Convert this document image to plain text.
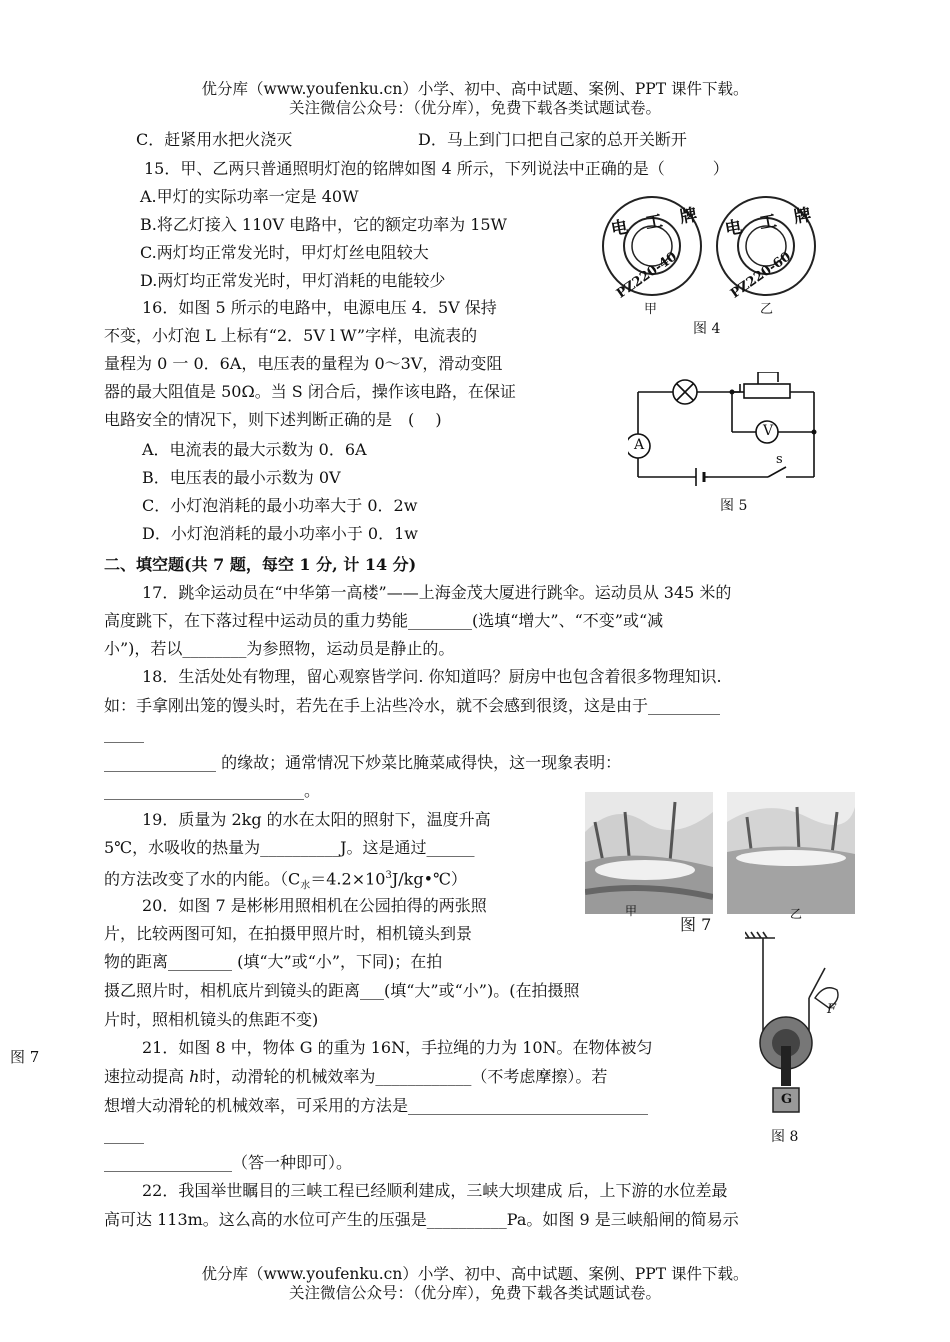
优分库（www.youfenku.cn）小学、初中、高中试题、案例、PPT 课件下载。
关注微信公众号：（优分库），免费下载各类试题试卷。
C．赶紧用水把火浇灭	D．马上到门口把自己家的总开关断开
15．甲、乙两只普通照明灯泡的铭牌如图 4 所示，下列说法中正确的是（　　　）
A.甲灯的实际功率一定是 40W
B.将乙灯接入 110V 电路中，它的额定功率为 15W
C.两灯均正常发光时，甲灯灯丝电阻较大
D.两灯均正常发光时，甲灯消耗的电能较少
电工牌 电工牌
PZ220-40	PZ220-60
甲	乙
图 4
16．如图 5 所示的电路中，电源电压 4．5V 保持
不变，小灯泡 L 上标有“2．5V l W”字样，电流表的
量程为 0 一 0．6A，电压表的量程为 0～3V，滑动变阻
器的最大阻值是 50Ω。当 S 闭合后，操作该电路，在保证
电路安全的情况下，则下述判断正确的是　(　 )
A．电流表的最大示数为 0．6A
B．电压表的最小示数为 0V
C．小灯泡消耗的最小功率大于 0．2w
D．小灯泡消耗的最小功率小于 0．1w
A
V
s
图 5
二、填空题(共 7 题，每空 1 分, 计 14 分)
17．跳伞运动员在“中华第一高楼”——上海金茂大厦进行跳伞。运动员从 345 米的
高度跳下，在下落过程中运动员的重力势能________(选填“增大”、“不变”或“减
小”)，若以________为参照物，运动员是静止的。
18．生活处处有物理，留心观察皆学问. 你知道吗？厨房中也包含着很多物理知识.
如：手拿刚出笼的馒头时，若先在手上沾些冷水，就不会感到很烫，这是由于_________
_____
______________ 的缘故；通常情况下炒菜比腌菜咸得快，这一现象表明：
_________________________。
19．质量为 2kg 的水在太阳的照射下，温度升高
5℃，水吸收的热量为__________J。这是通过______
的方法改变了水的内能。$(C_水=4.2\times 10^3J/kg•℃)$
甲
图 7
乙
20．如图 7 是彬彬用照相机在公园拍得的两张照
片，比较两图可知，在拍摄甲照片时，相机镜头到景
物的距离________ (填“大”或“小”，下同)；在拍
摄乙照片时，相机底片到镜头的距离___(填“大”或“小”)。(在拍摄照
片时，照相机镜头的焦距不变)
图 7	21．如图 8 中，物体 G 的重为 16N，手拉绳的力为 10N。在物体被匀
速拉动提高 h时，动滑轮的机械效率为____________（不考虑摩擦）。若
想增大动滑轮的机械效率，可采用的方法是______________________________
_____
________________（答一种即可）。
F
G
图 8
22．我国举世瞩目的三峡工程已经顺利建成，三峡大坝建成 后，上下游的水位差最
高可达 113m。这么高的水位可产生的压强是__________Pa。如图 9 是三峡船闸的简易示
优分库（www.youfenku.cn）小学、初中、高中试题、案例、PPT 课件下载。
关注微信公众号：（优分库），免费下载各类试题试卷。
